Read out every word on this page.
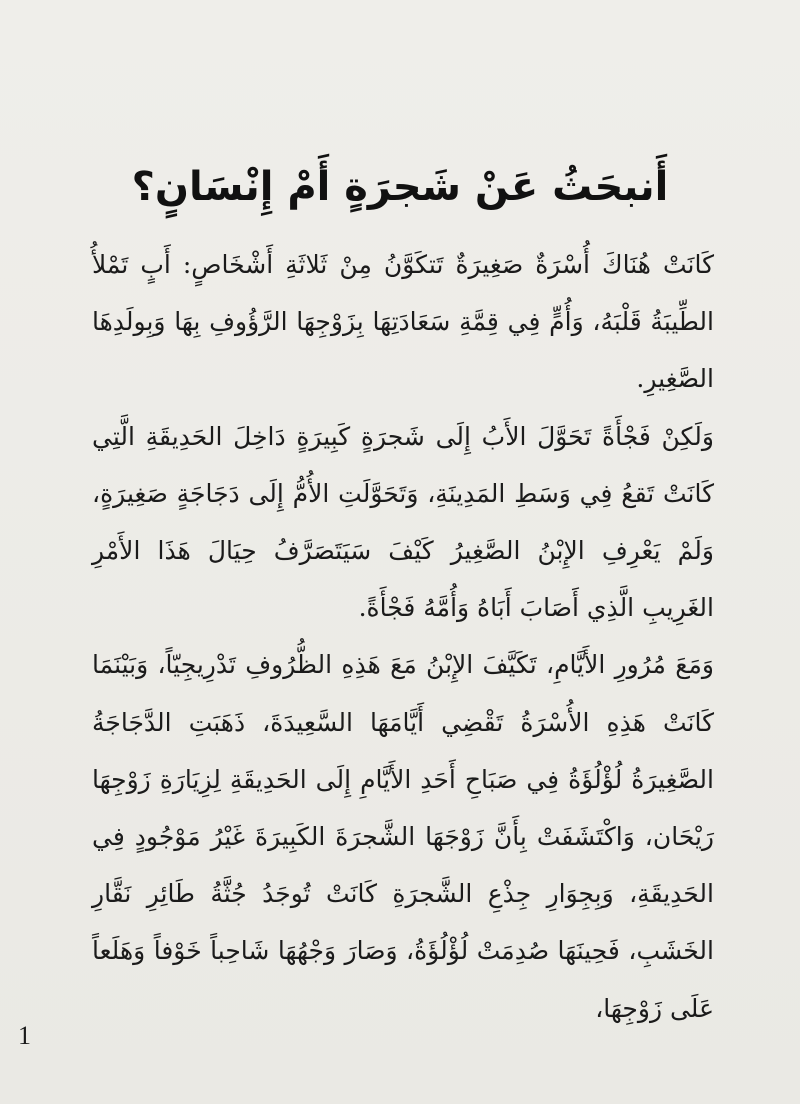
أَنبحَثُ عَنْ شَجرَةٍ أَمْ إِنْسَانٍ؟

كَانَتْ هُنَاكَ أُسْرَةٌ صَغِيرَةٌ تَتكَوَّنُ مِنْ ثَلاثَةِ أَشْخَاصٍ: أَبٍ تَمْلأُ الطِّيبَةُ قَلْبَهُ، وَأُمٍّ فِي قِمَّةِ سَعَادَتِهَا بِزَوْجِهَا الرَّؤُوفِ بِهَا وَبِولَدِهَا الصَّغِيرِ.

وَلَكِنْ فَجْأَةً تَحَوَّلَ الأَبُ إِلَى شَجرَةٍ كَبِيرَةٍ دَاخِلَ الحَدِيقَةِ الَّتِي كَانَتْ تَقعُ فِي وَسَطِ المَدِينَةِ، وَتَحَوَّلَتِ الأُمُّ إِلَى دَجَاجَةٍ صَغِيرَةٍ، وَلَمْ يَعْرِفِ الإِبْنُ الصَّغِيرُ كَيْفَ سَيَتَصَرَّفُ حِيَالَ هَذَا الأَمْرِ الغَرِيبِ الَّذِي أَصَابَ أَبَاهُ وَأُمَّهُ فَجْأَةً.

وَمَعَ مُرُورِ الأَيَّامِ، تَكَيَّفَ الإِبْنُ مَعَ هَذِهِ الظُّرُوفِ تَدْرِيجِيّاً، وَبَيْنَمَا كَانَتْ هَذِهِ الأُسْرَةُ تَقْضِي أَيَّامَهَا السَّعِيدَةَ، ذَهَبَتِ الدَّجَاجَةُ الصَّغِيرَةُ لُؤْلُؤَةُ فِي صَبَاحِ أَحَدِ الأَيَّامِ إِلَى الحَدِيقَةِ لِزِيَارَةِ زَوْجِهَا رَيْحَان، وَاكْتَشَفَتْ بِأَنَّ زَوْجَهَا الشَّجرَةَ الكَبِيرَةَ غَيْرُ مَوْجُودٍ فِي الحَدِيقَةِ، وَبِجِوَارِ جِذْعِ الشَّجرَةِ كَانَتْ تُوجَدُ جُثَّةُ طَائِرِ نَقَّارِ الخَشَبِ، فَحِينَهَا صُدِمَتْ لُؤْلُؤَةُ، وَصَارَ وَجْهُهَا شَاحِباً خَوْفاً وَهَلَعاً عَلَى زَوْجِهَا،

1
